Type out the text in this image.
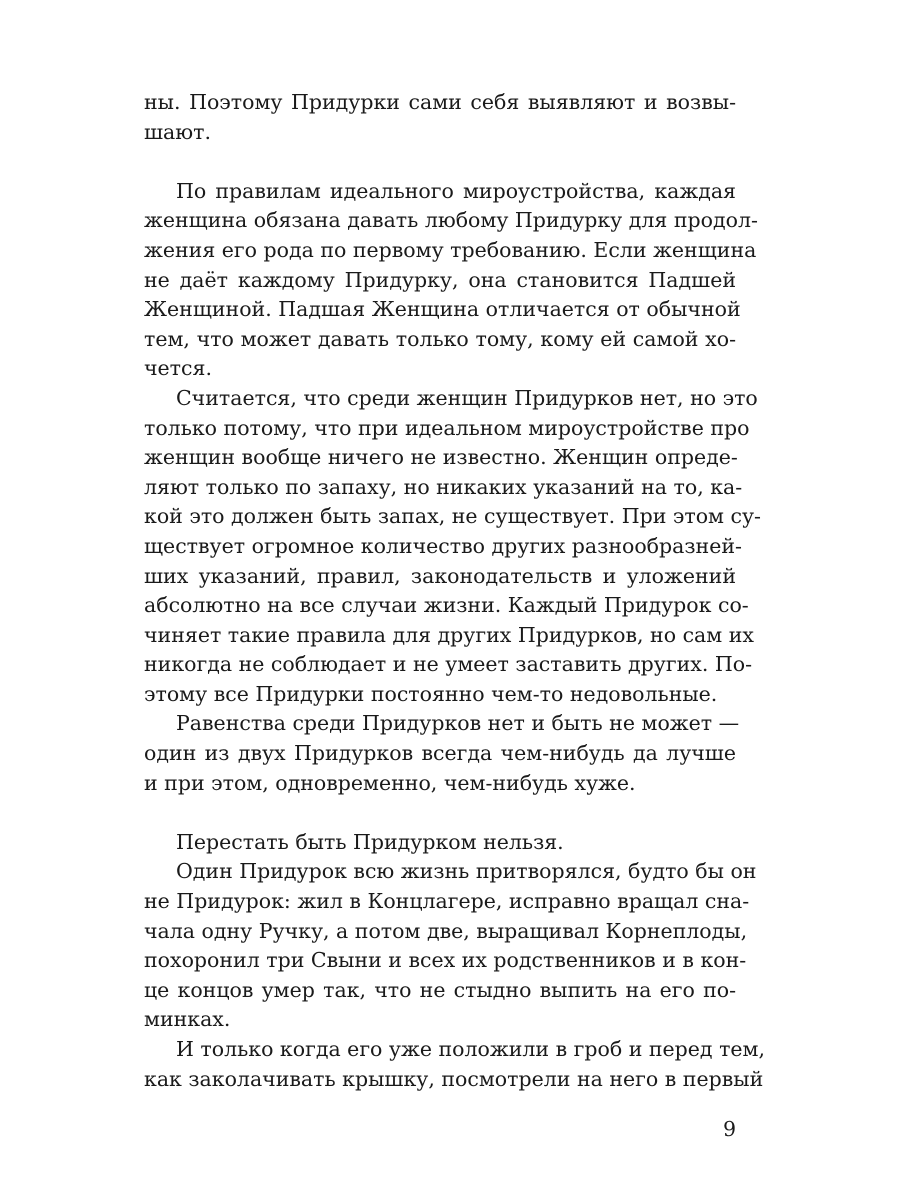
ны. Поэтому Придурки сами себя выявляют и возвы-
шают.
По правилам идеального мироустройства, каждая
женщина обязана давать любому Придурку для продол-
жения его рода по первому требованию. Если женщина
не даёт каждому Придурку, она становится Падшей
Женщиной. Падшая Женщина отличается от обычной
тем, что может давать только тому, кому ей самой хо-
чется.
Считается, что среди женщин Придурков нет, но это
только потому, что при идеальном мироустройстве про
женщин вообще ничего не известно. Женщин опреде-
ляют только по запаху, но никаких указаний на то, ка-
кой это должен быть запах, не существует. При этом су-
ществует огромное количество других разнообразней-
ших указаний, правил, законодательств и уложений
абсолютно на все случаи жизни. Каждый Придурок со-
чиняет такие правила для других Придурков, но сам их
никогда не соблюдает и не умеет заставить других. По-
этому все Придурки постоянно чем-то недовольные.
Равенства среди Придурков нет и быть не может —
один из двух Придурков всегда чем-нибудь да лучше
и при этом, одновременно, чем-нибудь хуже.
Перестать быть Придурком нельзя.
Один Придурок всю жизнь притворялся, будто бы он
не Придурок: жил в Концлагере, исправно вращал сна-
чала одну Ручку, а потом две, выращивал Корнеплоды,
похоронил три Свыни и всех их родственников и в кон-
це концов умер так, что не стыдно выпить на его по-
минках.
И только когда его уже положили в гроб и перед тем,
как заколачивать крышку, посмотрели на него в первый
9
